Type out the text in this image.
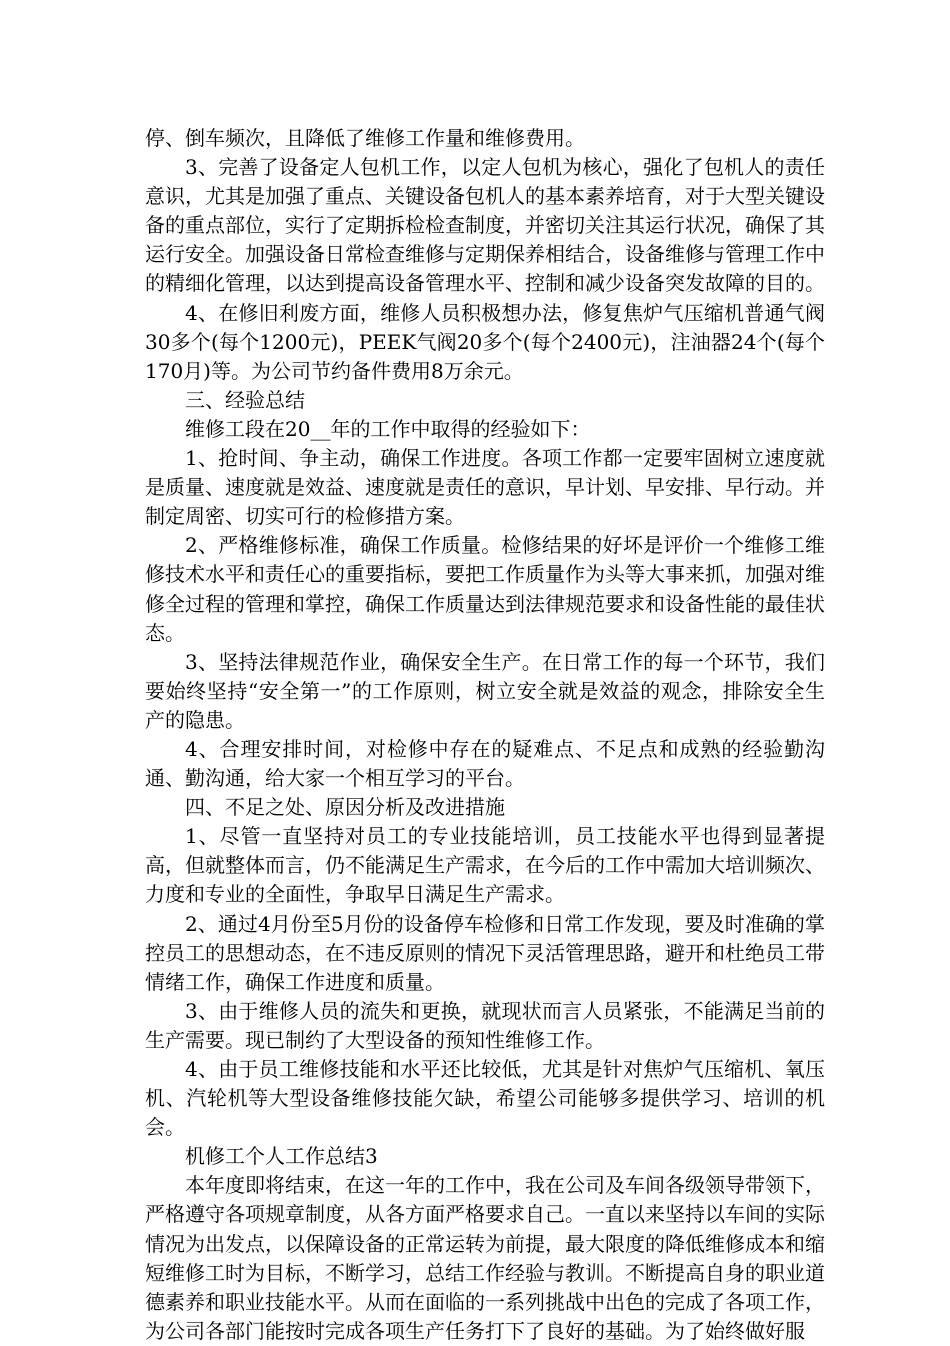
停、倒车频次，且降低了维修工作量和维修费用。

3、完善了设备定人包机工作，以定人包机为核心，强化了包机人的责任意识，尤其是加强了重点、关键设备包机人的基本素养培育，对于大型关键设备的重点部位，实行了定期拆检检查制度，并密切关注其运行状况，确保了其运行安全。加强设备日常检查维修与定期保养相结合，设备维修与管理工作中的精细化管理，以达到提高设备管理水平、控制和减少设备突发故障的目的。

4、在修旧利废方面，维修人员积极想办法，修复焦炉气压缩机普通气阀30多个(每个1200元)，PEEK气阀20多个(每个2400元)，注油器24个(每个170月)等。为公司节约备件费用8万余元。

三、经验总结

维修工段在20__年的工作中取得的经验如下：

1、抢时间、争主动，确保工作进度。各项工作都一定要牢固树立速度就是质量、速度就是效益、速度就是责任的意识，早计划、早安排、早行动。并制定周密、切实可行的检修措方案。

2、严格维修标准，确保工作质量。检修结果的好坏是评价一个维修工维修技术水平和责任心的重要指标，要把工作质量作为头等大事来抓，加强对维修全过程的管理和掌控，确保工作质量达到法律规范要求和设备性能的最佳状态。

3、坚持法律规范作业，确保安全生产。在日常工作的每一个环节，我们要始终坚持“安全第一”的工作原则，树立安全就是效益的观念，排除安全生产的隐患。

4、合理安排时间，对检修中存在的疑难点、不足点和成熟的经验勤沟通、勤沟通，给大家一个相互学习的平台。

四、不足之处、原因分析及改进措施

1、尽管一直坚持对员工的专业技能培训，员工技能水平也得到显著提高，但就整体而言，仍不能满足生产需求，在今后的工作中需加大培训频次、力度和专业的全面性，争取早日满足生产需求。

2、通过4月份至5月份的设备停车检修和日常工作发现，要及时准确的掌控员工的思想动态，在不违反原则的情况下灵活管理思路，避开和杜绝员工带情绪工作，确保工作进度和质量。

3、由于维修人员的流失和更换，就现状而言人员紧张，不能满足当前的生产需要。现已制约了大型设备的预知性维修工作。

4、由于员工维修技能和水平还比较低，尤其是针对焦炉气压缩机、氧压机、汽轮机等大型设备维修技能欠缺，希望公司能够多提供学习、培训的机会。

机修工个人工作总结3

本年度即将结束，在这一年的工作中，我在公司及车间各级领导带领下，严格遵守各项规章制度，从各方面严格要求自己。一直以来坚持以车间的实际情况为出发点，以保障设备的正常运转为前提，最大限度的降低维修成本和缩短维修工时为目标，不断学习，总结工作经验与教训。不断提高自身的职业道德素养和职业技能水平。从而在面临的一系列挑战中出色的完成了各项工作，为公司各部门能按时完成各项生产任务打下了良好的基础。为了始终做好服
